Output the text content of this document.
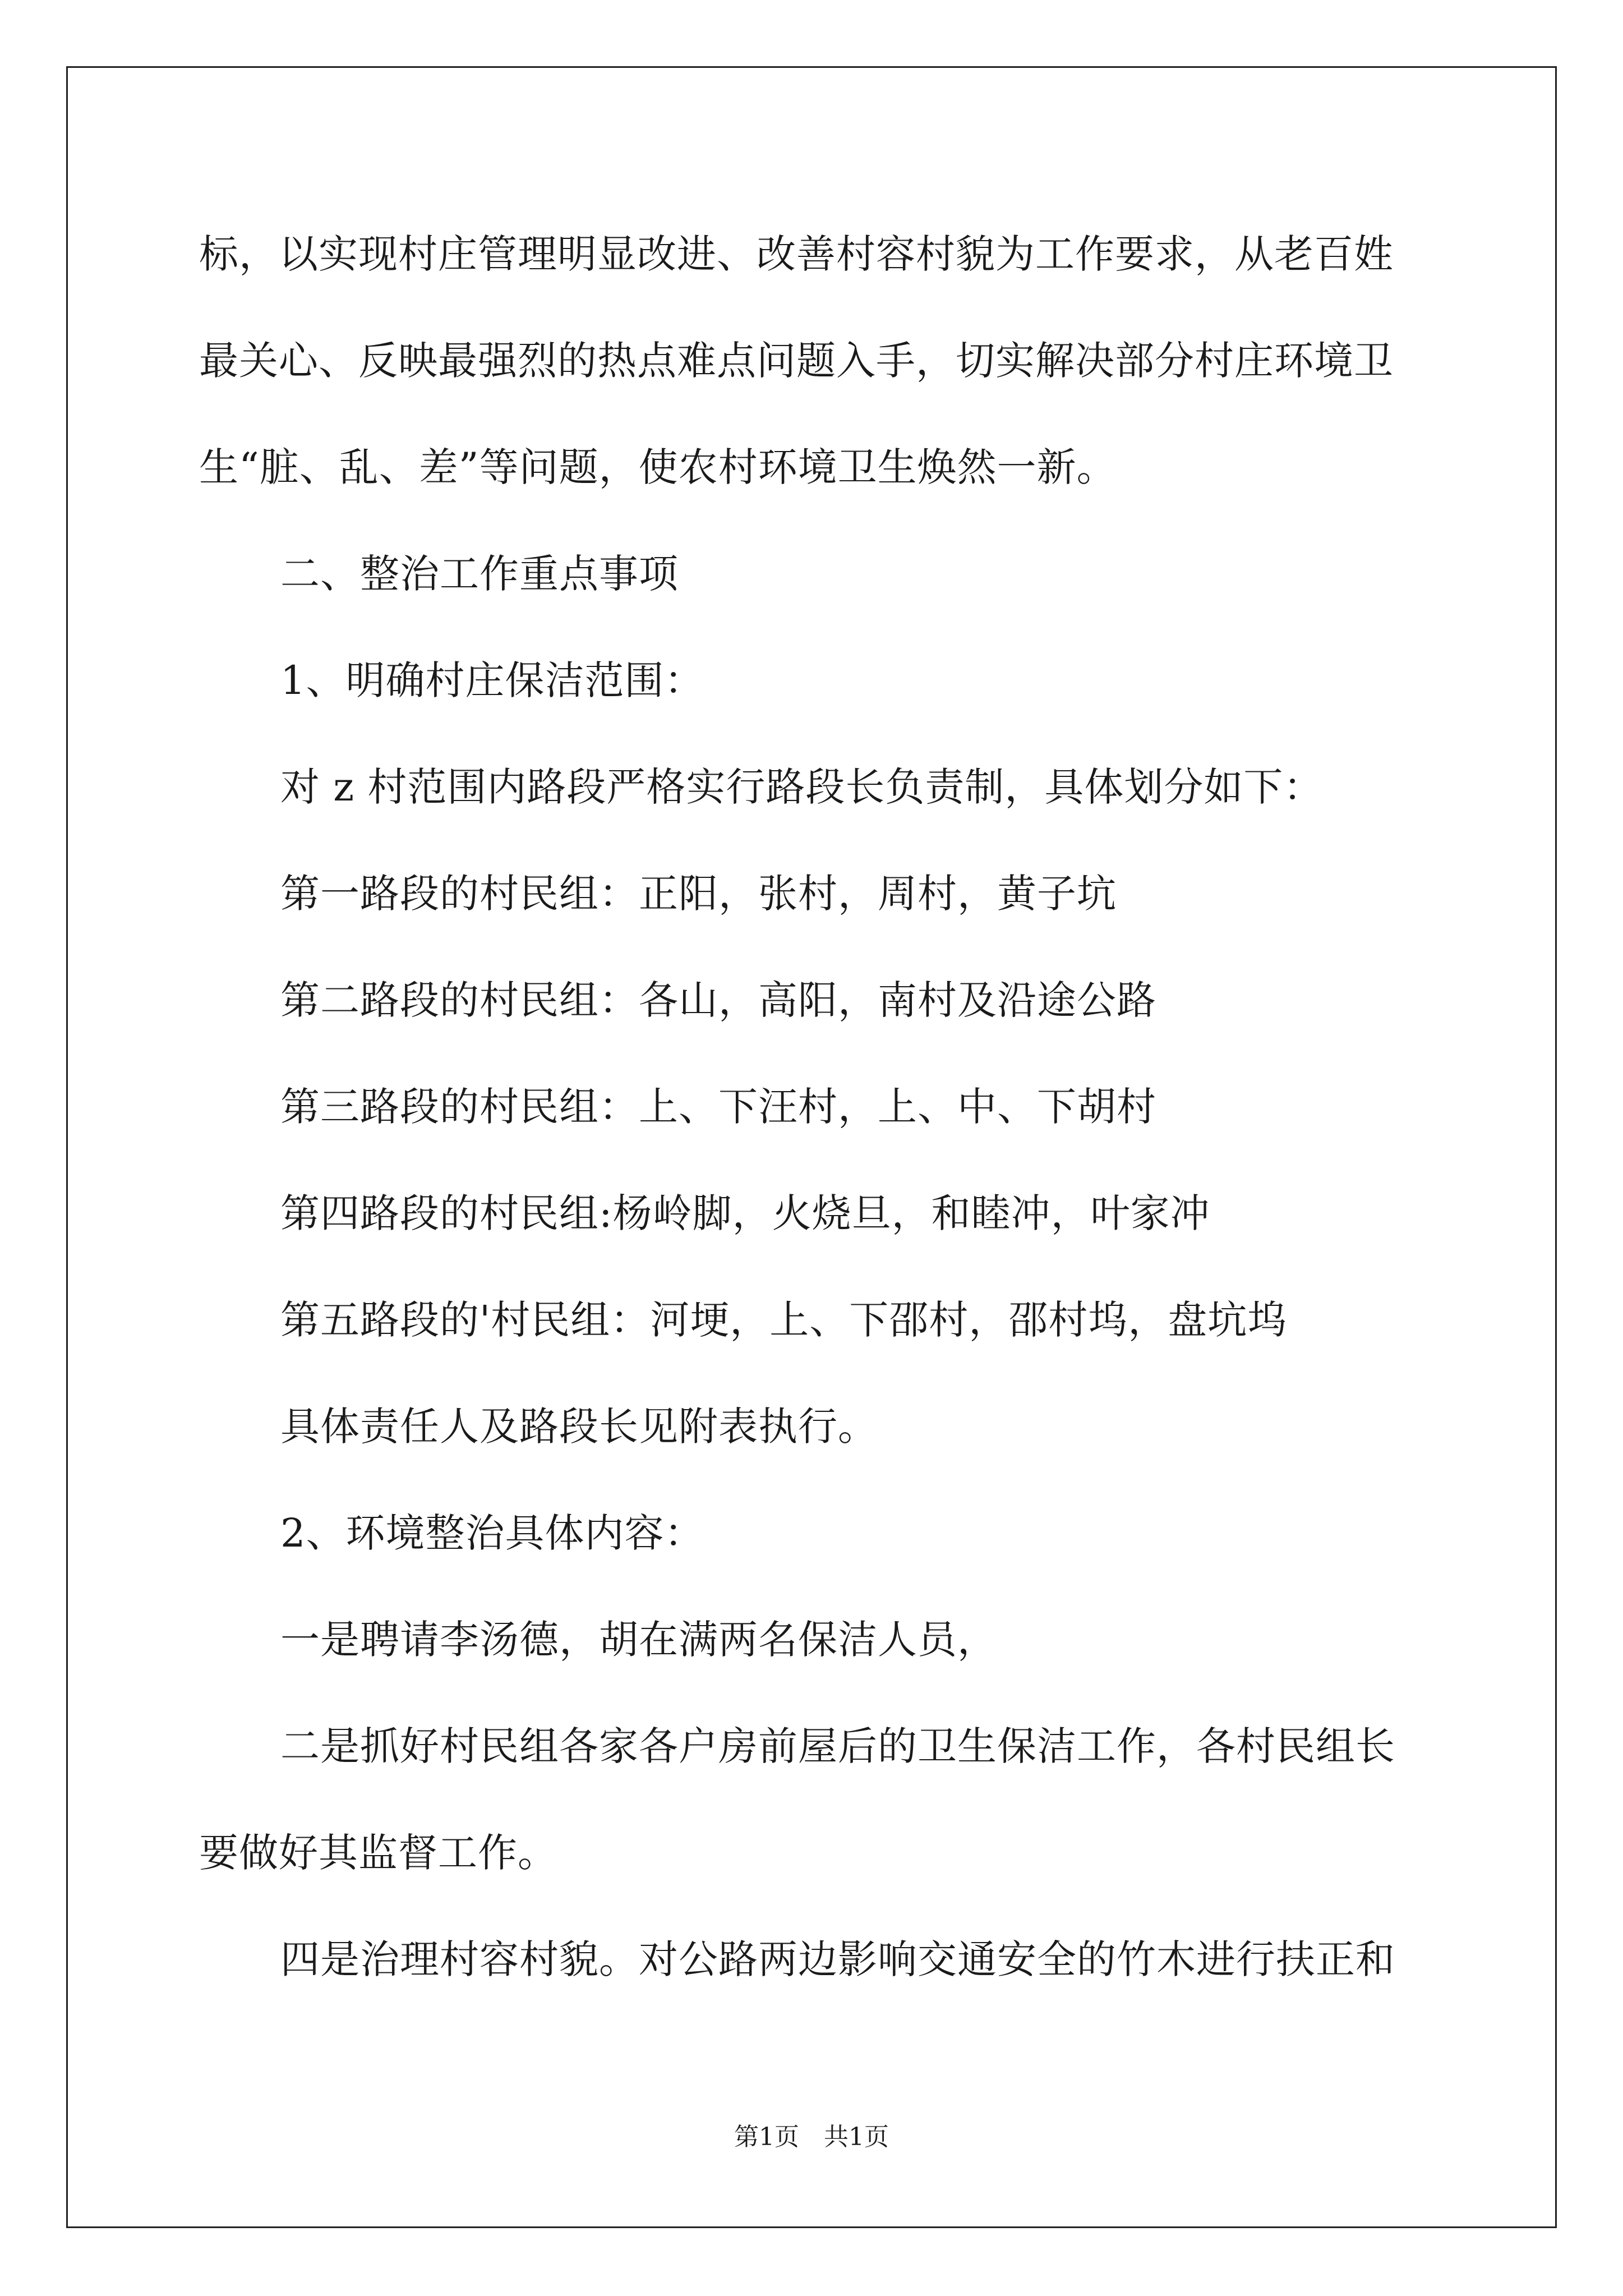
标，以实现村庄管理明显改进、改善村容村貌为工作要求，从老百姓
最关心、反映最强烈的热点难点问题入手，切实解决部分村庄环境卫
生“脏、乱、差”等问题，使农村环境卫生焕然一新。
二、整治工作重点事项
1、明确村庄保洁范围：
对 z 村范围内路段严格实行路段长负责制，具体划分如下：
第一路段的村民组：正阳，张村，周村，黄子坑
第二路段的村民组：各山，高阳，南村及沿途公路
第三路段的村民组：上、下汪村，上、中、下胡村
第四路段的村民组:杨岭脚，火烧旦，和睦冲，叶家冲
第五路段的'村民组：河埂，上、下邵村，邵村坞，盘坑坞
具体责任人及路段长见附表执行。
2、环境整治具体内容：
一是聘请李汤德，胡在满两名保洁人员，
二是抓好村民组各家各户房前屋后的卫生保洁工作，各村民组长
要做好其监督工作。
四是治理村容村貌。对公路两边影响交通安全的竹木进行扶正和
第1页　共1页
